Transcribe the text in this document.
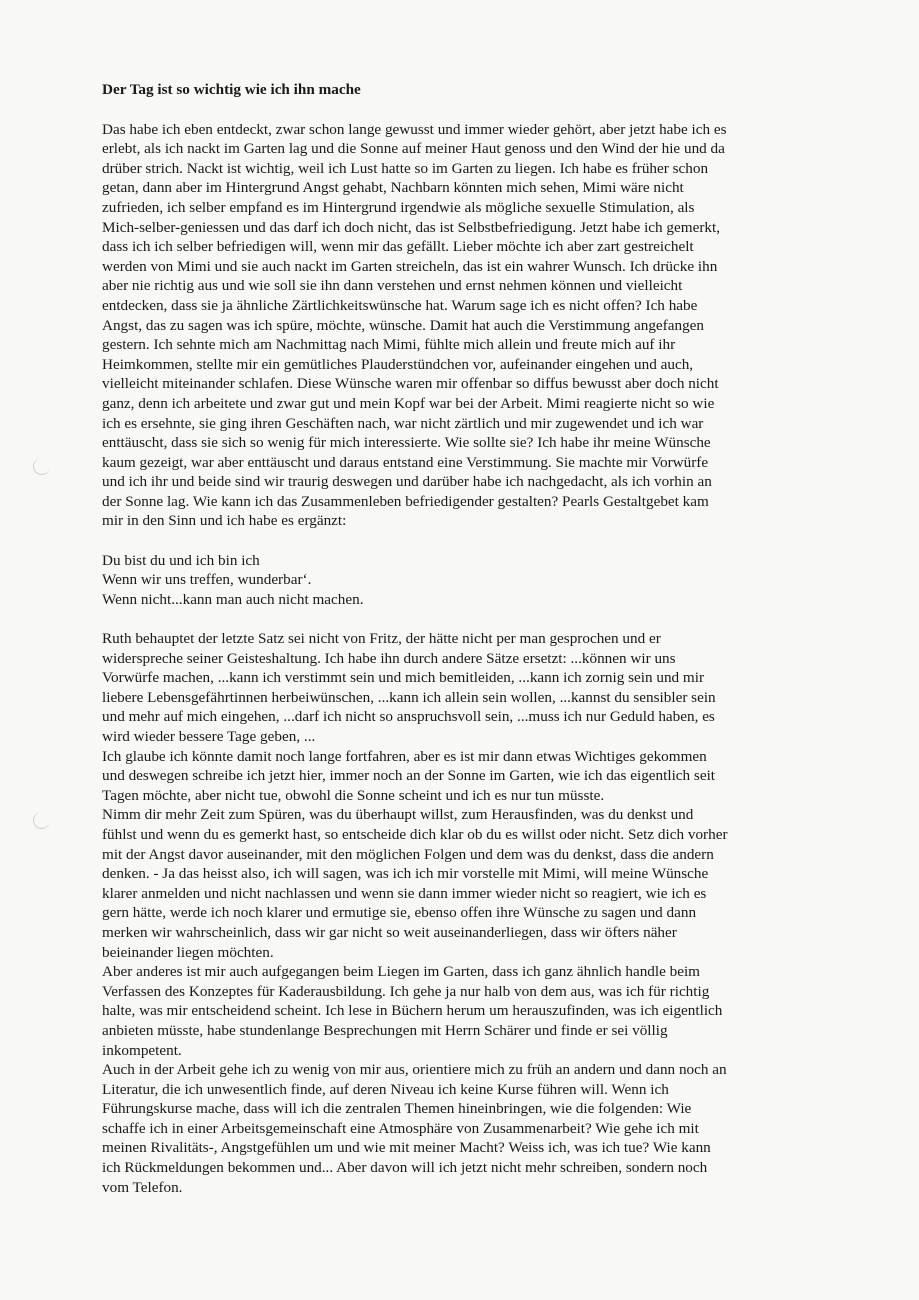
Der Tag ist so wichtig wie ich ihn mache
Das habe ich eben entdeckt, zwar schon lange gewusst und immer wieder gehört, aber jetzt habe ich es
erlebt, als ich nackt im Garten lag und die Sonne auf meiner Haut genoss und den Wind der hie und da
drüber strich. Nackt ist wichtig, weil ich Lust hatte so im Garten zu liegen. Ich habe es früher schon
getan, dann aber im Hintergrund Angst gehabt, Nachbarn könnten mich sehen, Mimi wäre nicht
zufrieden, ich selber empfand es im Hintergrund irgendwie als mögliche sexuelle Stimulation, als
Mich-selber-geniessen und das darf ich doch nicht, das ist Selbstbefriedigung. Jetzt habe ich gemerkt,
dass ich ich selber befriedigen will, wenn mir das gefällt. Lieber möchte ich aber zart gestreichelt
werden von Mimi und sie auch nackt im Garten streicheln, das ist ein wahrer Wunsch. Ich drücke ihn
aber nie richtig aus und wie soll sie ihn dann verstehen und ernst nehmen können und vielleicht
entdecken, dass sie ja ähnliche Zärtlichkeitswünsche hat. Warum sage ich es nicht offen? Ich habe
Angst, das zu sagen was ich spüre, möchte, wünsche. Damit hat auch die Verstimmung angefangen
gestern. Ich sehnte mich am Nachmittag nach Mimi, fühlte mich allein und freute mich auf ihr
Heimkommen, stellte mir ein gemütliches Plauderstündchen vor, aufeinander eingehen und auch,
vielleicht miteinander schlafen. Diese Wünsche waren mir offenbar so diffus bewusst aber doch nicht
ganz, denn ich arbeitete und zwar gut und mein Kopf war bei der Arbeit. Mimi reagierte nicht so wie
ich es ersehnte, sie ging ihren Geschäften nach, war nicht zärtlich und mir zugewendet und ich war
enttäuscht, dass sie sich so wenig für mich interessierte. Wie sollte sie? Ich habe ihr meine Wünsche
kaum gezeigt, war aber enttäuscht und daraus entstand eine Verstimmung. Sie machte mir Vorwürfe
und ich ihr und beide sind wir traurig deswegen und darüber habe ich nachgedacht, als ich vorhin an
der Sonne lag. Wie kann ich das Zusammenleben befriedigender gestalten? Pearls Gestaltgebet kam
mir in den Sinn und ich habe es ergänzt:
Du bist du und ich bin ich
Wenn wir uns treffen, wunderbar‘.
Wenn nicht...kann man auch nicht machen.
Ruth behauptet der letzte Satz sei nicht von Fritz, der hätte nicht per man gesprochen und er
widerspreche seiner Geisteshaltung. Ich habe ihn durch andere Sätze ersetzt: ...können wir uns
Vorwürfe machen, ...kann ich verstimmt sein und mich bemitleiden, ...kann ich zornig sein und mir
liebere Lebensgefährtinnen herbeiwünschen, ...kann ich allein sein wollen, ...kannst du sensibler sein
und mehr auf mich eingehen, ...darf ich nicht so anspruchsvoll sein, ...muss ich nur Geduld haben, es
wird wieder bessere Tage geben, ...
Ich glaube ich könnte damit noch lange fortfahren, aber es ist mir dann etwas Wichtiges gekommen
und deswegen schreibe ich jetzt hier, immer noch an der Sonne im Garten, wie ich das eigentlich seit
Tagen möchte, aber nicht tue, obwohl die Sonne scheint und ich es nur tun müsste.
Nimm dir mehr Zeit zum Spüren, was du überhaupt willst, zum Herausfinden, was du denkst und
fühlst und wenn du es gemerkt hast, so entscheide dich klar ob du es willst oder nicht. Setz dich vorher
mit der Angst davor auseinander, mit den möglichen Folgen und dem was du denkst, dass die andern
denken. - Ja das heisst also, ich will sagen, was ich ich mir vorstelle mit Mimi, will meine Wünsche
klarer anmelden und nicht nachlassen und wenn sie dann immer wieder nicht so reagiert, wie ich es
gern hätte, werde ich noch klarer und ermutige sie, ebenso offen ihre Wünsche zu sagen und dann
merken wir wahrscheinlich, dass wir gar nicht so weit auseinanderliegen, dass wir öfters näher
beieinander liegen möchten.
Aber anderes ist mir auch aufgegangen beim Liegen im Garten, dass ich ganz ähnlich handle beim
Verfassen des Konzeptes für Kaderausbildung. Ich gehe ja nur halb von dem aus, was ich für richtig
halte, was mir entscheidend scheint. Ich lese in Büchern herum um herauszufinden, was ich eigentlich
anbieten müsste, habe stundenlange Besprechungen mit Herrn Schärer und finde er sei völlig
inkompetent.
Auch in der Arbeit gehe ich zu wenig von mir aus, orientiere mich zu früh an andern und dann noch an
Literatur, die ich unwesentlich finde, auf deren Niveau ich keine Kurse führen will. Wenn ich
Führungskurse mache, dass will ich die zentralen Themen hineinbringen, wie die folgenden: Wie
schaffe ich in einer Arbeitsgemeinschaft eine Atmosphäre von Zusammenarbeit? Wie gehe ich mit
meinen Rivalitäts-, Angstgefühlen um und wie mit meiner Macht? Weiss ich, was ich tue? Wie kann
ich Rückmeldungen bekommen und... Aber davon will ich jetzt nicht mehr schreiben, sondern noch
vom Telefon.
